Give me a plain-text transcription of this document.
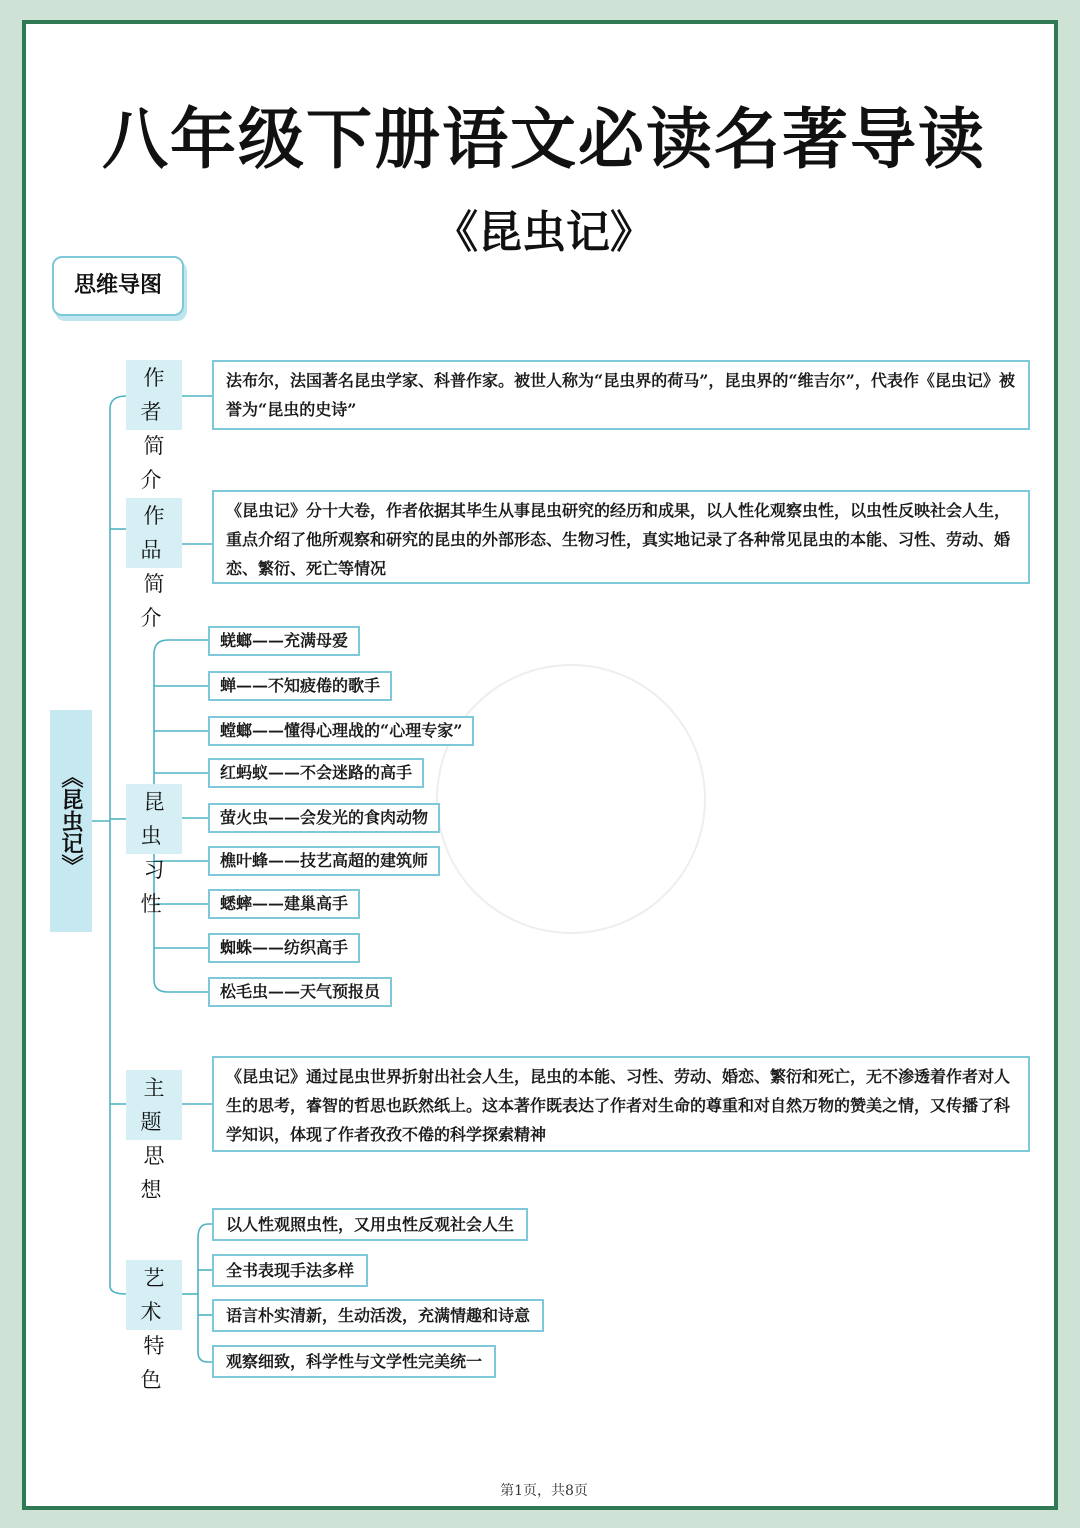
八年级下册语文必读名著导读
《昆虫记》
思维导图
《昆虫记》
作者
简介
法布尔，法国著名昆虫学家、科普作家。被世人称为“昆虫界的荷马”，昆虫界的“维吉尔”，代表作《昆虫记》被誉为“昆虫的史诗”
作品
简介
《昆虫记》分十大卷，作者依据其毕生从事昆虫研究的经历和成果，以人性化观察虫性，以虫性反映社会人生，重点介绍了他所观察和研究的昆虫的外部形态、生物习性，真实地记录了各种常见昆虫的本能、习性、劳动、婚恋、繁衍、死亡等情况
昆虫
习性
蜣螂——充满母爱
蝉——不知疲倦的歌手
螳螂——懂得心理战的“心理专家”
红蚂蚁——不会迷路的高手
萤火虫——会发光的食肉动物
樵叶蜂——技艺高超的建筑师
蟋蟀——建巢高手
蜘蛛——纺织高手
松毛虫——天气预报员
主题
思想
《昆虫记》通过昆虫世界折射出社会人生，昆虫的本能、习性、劳动、婚恋、繁衍和死亡，无不渗透着作者对人生的思考，睿智的哲思也跃然纸上。这本著作既表达了作者对生命的尊重和对自然万物的赞美之情，又传播了科学知识，体现了作者孜孜不倦的科学探索精神
艺术
特色
以人性观照虫性，又用虫性反观社会人生
全书表现手法多样
语言朴实清新，生动活泼，充满情趣和诗意
观察细致，科学性与文学性完美统一
第1页，共8页
